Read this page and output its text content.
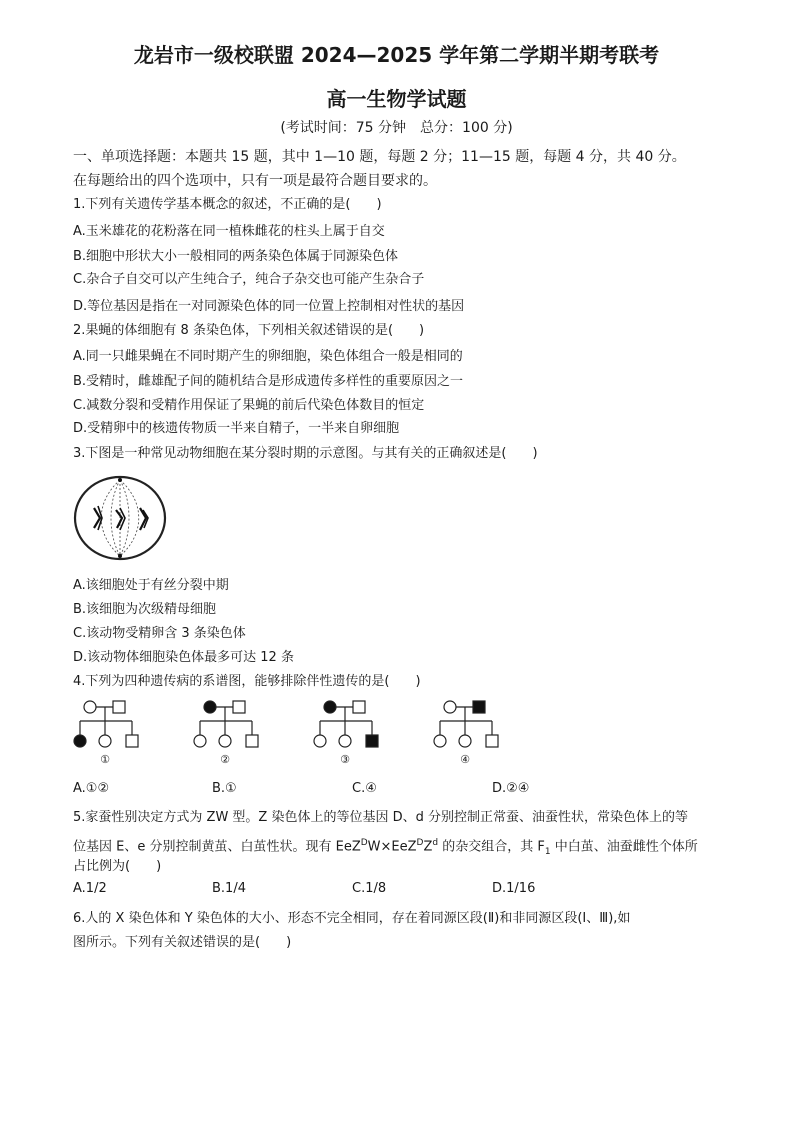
龙岩市一级校联盟 2024—2025 学年第二学期半期考联考
高一生物学试题
(考试时间：75 分钟　总分：100 分)
一、单项选择题：本题共 15 题，其中 1—10 题，每题 2 分；11—15 题，每题 4 分，共 40 分。
在每题给出的四个选项中，只有一项是最符合题目要求的。
1.下列有关遗传学基本概念的叙述，不正确的是(　　)
A.玉米雄花的花粉落在同一植株雌花的柱头上属于自交
B.细胞中形状大小一般相同的两条染色体属于同源染色体
C.杂合子自交可以产生纯合子，纯合子杂交也可能产生杂合子
D.等位基因是指在一对同源染色体的同一位置上控制相对性状的基因
2.果蝇的体细胞有 8 条染色体，下列相关叙述错误的是(　　)
A.同一只雌果蝇在不同时期产生的卵细胞，染色体组合一般是相同的
B.受精时，雌雄配子间的随机结合是形成遗传多样性的重要原因之一
C.减数分裂和受精作用保证了果蝇的前后代染色体数目的恒定
D.受精卵中的核遗传物质一半来自精子，一半来自卵细胞
3.下图是一种常见动物细胞在某分裂时期的示意图。与其有关的正确叙述是(　　)
A.该细胞处于有丝分裂中期
B.该细胞为次级精母细胞
C.该动物受精卵含 3 条染色体
D.该动物体细胞染色体最多可达 12 条
4.下列为四种遗传病的系谱图，能够排除伴性遗传的是(　　)
①	②	③	④
A.①②	B.①	C.④	D.②④
5.家蚕性别决定方式为 ZW 型。Z 染色体上的等位基因 D、d 分别控制正常蚕、油蚕性状，常染色体上的等
位基因 E、e 分别控制黄茧、白茧性状。现有 $EeZ^DW\times EeZ^DZ^d$ 的杂交组合，其 $F_1$ 中白茧、油蚕雌性个体所
占比例为(　　)
A.1/2	B.1/4	C.1/8	D.1/16
6.人的 X 染色体和 Y 染色体的大小、形态不完全相同，存在着同源区段(Ⅱ)和非同源区段(Ⅰ、Ⅲ),如
图所示。下列有关叙述错误的是(　　)
